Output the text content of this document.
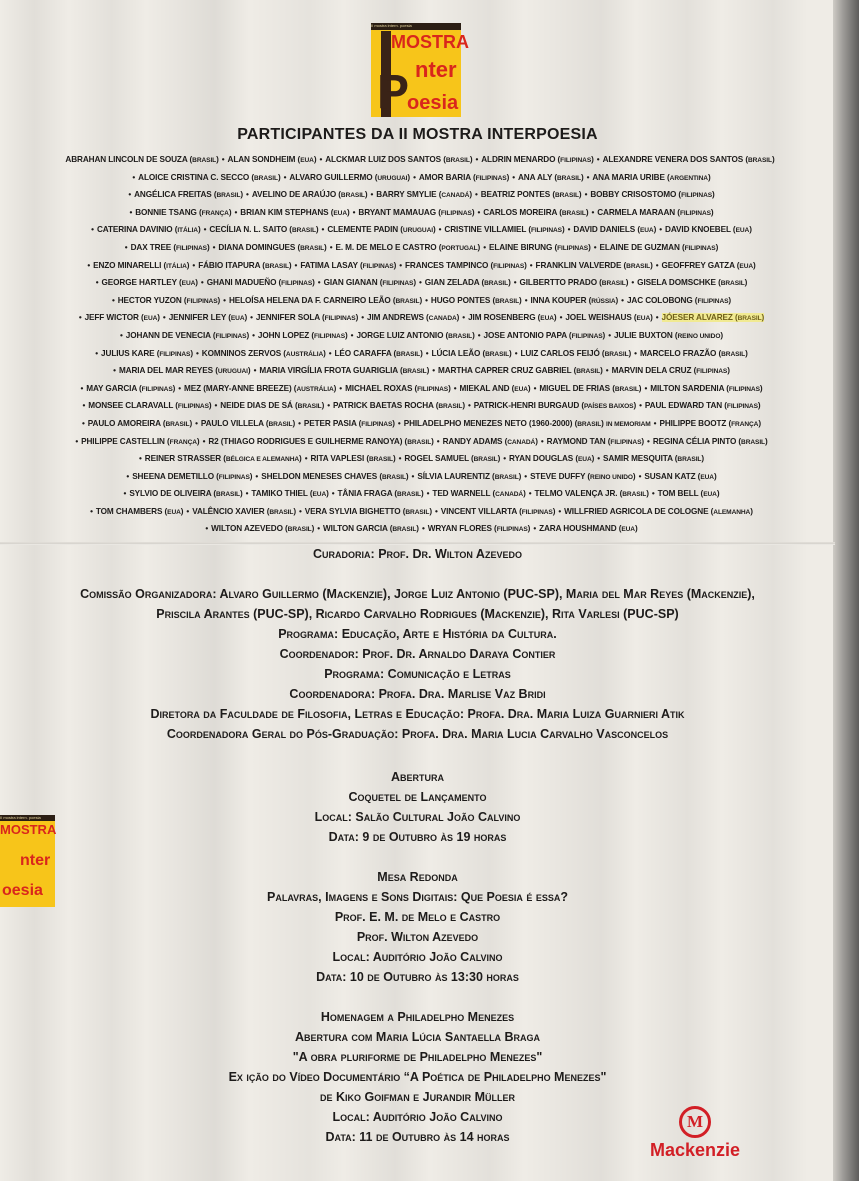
II mostra intern. poesia
MOSTRA
P nter
oesia
II mostra intern. poesia
MOSTRA
nter
oesia
PARTICIPANTES DA II MOSTRA INTERPOESIA
ABRAHAN LINCOLN DE SOUZA (BRASIL) • ALAN SONDHEIM (EUA) • ALCKMAR LUIZ DOS SANTOS (BRASIL) • ALDRIN MENARDO (FILIPINAS) • ALEXANDRE VENERA DOS SANTOS (BRASIL)
• ALOICE CRISTINA C. SECCO (BRASIL) • ALVARO GUILLERMO (URUGUAI) • AMOR BARIA (FILIPINAS) • ANA ALY (BRASIL) • ANA MARIA URIBE (ARGENTINA)
• ANGÉLICA FREITAS (BRASIL) • AVELINO DE ARAÚJO (BRASIL) • BARRY SMYLIE (CANADÁ) • BEATRIZ PONTES (BRASIL) • BOBBY CRISOSTOMO (FILIPINAS)
• BONNIE TSANG (FRANÇA) • BRIAN KIM STEPHANS (EUA) • BRYANT MAMAUAG (FILIPINAS) • CARLOS MOREIRA (BRASIL) • CARMELA MARAAN (FILIPINAS)
• CATERINA DAVINIO (ITÁLIA) • CECÍLIA N. L. SAITO (BRASIL) • CLEMENTE PADIN (URUGUAI) • CRISTINE VILLAMIEL (FILIPINAS) • DAVID DANIELS (EUA) • DAVID KNOEBEL (EUA)
• DAX TREE (FILIPINAS) • DIANA DOMINGUES (BRASIL) • E. M. DE MELO E CASTRO (PORTUGAL) • ELAINE BIRUNG (FILIPINAS) • ELAINE DE GUZMAN (FILIPINAS)
• ENZO MINARELLI (ITÁLIA) • FÁBIO ITAPURA (BRASIL) • FATIMA LASAY (FILIPINAS) • FRANCES TAMPINCO (FILIPINAS) • FRANKLIN VALVERDE (BRASIL) • GEOFFREY GATZA (EUA)
• GEORGE HARTLEY (EUA) • GHANI MADUEÑO (FILIPINAS) • GIAN GIANAN (FILIPINAS) • GIAN ZELADA (BRASIL) • GILBERTTO PRADO (BRASIL) • GISELA DOMSCHKE (BRASIL)
• HECTOR YUZON (FILIPINAS) • HELOÍSA HELENA DA F. CARNEIRO LEÃO (BRASIL) • HUGO PONTES (BRASIL) • INNA KOUPER (RÚSSIA) • JAC COLOBONG (FILIPINAS)
• JEFF WICTOR (EUA) • JENNIFER LEY (EUA) • JENNIFER SOLA (FILIPINAS) • JIM ANDREWS (CANADA) • JIM ROSENBERG (EUA) • JOEL WEISHAUS (EUA) • JÓESER ALVAREZ (BRASIL)
• JOHANN DE VENECIA (FILIPINAS) • JOHN LOPEZ (FILIPINAS) • JORGE LUIZ ANTONIO (BRASIL) • JOSE ANTONIO PAPA (FILIPINAS) • JULIE BUXTON (REINO UNIDO)
• JULIUS KARE (FILIPINAS) • KOMNINOS ZERVOS (AUSTRÁLIA) • LÉO CARAFFA (BRASIL) • LÚCIA LEÃO (BRASIL) • LUIZ CARLOS FEIJÓ (BRASIL) • MARCELO FRAZÃO (BRASIL)
• MARIA DEL MAR REYES (URUGUAI) • MARIA VIRGÍLIA FROTA GUARIGLIA (BRASIL) • MARTHA CAPRER CRUZ GABRIEL (BRASIL) • MARVIN DELA CRUZ (FILIPINAS)
• MAY GARCIA (FILIPINAS) • MEZ (MARY-ANNE BREEZE) (AUSTRÁLIA) • MICHAEL ROXAS (FILIPINAS) • MIEKAL AND (EUA) • MIGUEL DE FRIAS (BRASIL) • MILTON SARDENIA (FILIPINAS)
• MONSEE CLARAVALL (FILIPINAS) • NEIDE DIAS DE SÁ (BRASIL) • PATRICK BAETAS ROCHA (BRASIL) • PATRICK-HENRI BURGAUD (PAÍSES BAIXOS) • PAUL EDWARD TAN (FILIPINAS)
• PAULO AMOREIRA (BRASIL) • PAULO VILLELA (BRASIL) • PETER PASIA (FILIPINAS) • PHILADELPHO MENEZES NETO (1960-2000) (BRASIL) IN MEMORIAM • PHILIPPE BOOTZ (FRANÇA)
• PHILIPPE CASTELLIN (FRANÇA) • R2 (THIAGO RODRIGUES E GUILHERME RANOYA) (BRASIL) • RANDY ADAMS (CANADÁ) • RAYMOND TAN (FILIPINAS) • REGINA CÉLIA PINTO (BRASIL)
• REINER STRASSER (BÉLGICA E ALEMANHA) • RITA VAPLESI (BRASIL) • ROGEL SAMUEL (BRASIL) • RYAN DOUGLAS (EUA) • SAMIR MESQUITA (BRASIL)
• SHEENA DEMETILLO (FILIPINAS) • SHELDON MENESES CHAVES (BRASIL) • SÍLVIA LAURENTIZ (BRASIL) • STEVE DUFFY (REINO UNIDO) • SUSAN KATZ (EUA)
• SYLVIO DE OLIVEIRA (BRASIL) • TAMIKO THIEL (EUA) • TÂNIA FRAGA (BRASIL) • TED WARNELL (CANADÁ) • TELMO VALENÇA JR. (BRASIL) • TOM BELL (EUA)
• TOM CHAMBERS (EUA) • VALÊNCIO XAVIER (BRASIL) • VERA SYLVIA BIGHETTO (BRASIL) • VINCENT VILLARTA (FILIPINAS) • WILLFRIED AGRICOLA DE COLOGNE (ALEMANHA)
• WILTON AZEVEDO (BRASIL) • WILTON GARCIA (BRASIL) • WRYAN FLORES (FILIPINAS) • ZARA HOUSHMAND (EUA)
Curadoria: Prof. Dr. Wilton Azevedo
Comissão Organizadora: Alvaro Guillermo (Mackenzie), Jorge Luiz Antonio (PUC-SP), Maria del Mar Reyes (Mackenzie),
Priscila Arantes (PUC-SP), Ricardo Carvalho Rodrigues (Mackenzie), Rita Varlesi (PUC-SP)
Programa: Educação, Arte e História da Cultura.
Coordenador: Prof. Dr. Arnaldo Daraya Contier
Programa: Comunicação e Letras
Coordenadora: Profa. Dra. Marlise Vaz Bridi
Diretora da Faculdade de Filosofia, Letras e Educação: Profa. Dra. Maria Luiza Guarnieri Atik
Coordenadora Geral do Pós-Graduação: Profa. Dra. Maria Lucia Carvalho Vasconcelos
Abertura
Coquetel de Lançamento
Local: Salão Cultural João Calvino
Data: 9 de Outubro às 19 horas
Mesa Redonda
Palavras, Imagens e Sons Digitais: Que Poesia é essa?
Prof. E. M. de Melo e Castro
Prof. Wilton Azevedo
Local: Auditório João Calvino
Data: 10 de Outubro às 13:30 horas
Homenagem a Philadelpho Menezes
Abertura com Maria Lúcia Santaella Braga
"A obra pluriforme de Philadelpho Menezes"
Ex ição do Vídeo Documentário “A Poética de Philadelpho Menezes"
de Kiko Goifman e Jurandir Müller
Local: Auditório João Calvino
Data: 11 de Outubro às 14 horas
M
Mackenzie
